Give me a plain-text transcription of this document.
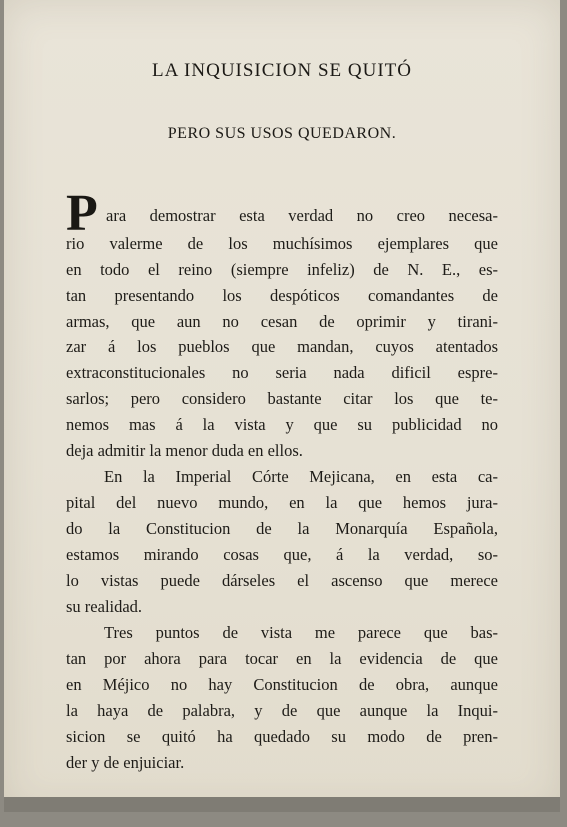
LA INQUISICION SE QUITÓ
PERO SUS USOS QUEDARON.
P ara demostrar esta verdad no creo necesa-
rio valerme de los muchísimos ejemplares que
en todo el reino (siempre infeliz) de N. E., es-
tan presentando los despóticos comandantes de
armas, que aun no cesan de oprimir y tirani-
zar á los pueblos que mandan, cuyos atentados
extraconstitucionales no seria nada dificil espre-
sarlos; pero considero bastante citar los que te-
nemos mas á la vista y que su publicidad no
deja admitir la menor duda en ellos.
En la Imperial Córte Mejicana, en esta ca-
pital del nuevo mundo, en la que hemos jura-
do la Constitucion de la Monarquía Española,
estamos mirando cosas que, á la verdad, so-
lo vistas puede dárseles el ascenso que merece
su realidad.
Tres puntos de vista me parece que bas-
tan por ahora para tocar en la evidencia de que
en Méjico no hay Constitucion de obra, aunque
la haya de palabra, y de que aunque la Inqui-
sicion se quitó ha quedado su modo de pren-
der y de enjuiciar.
